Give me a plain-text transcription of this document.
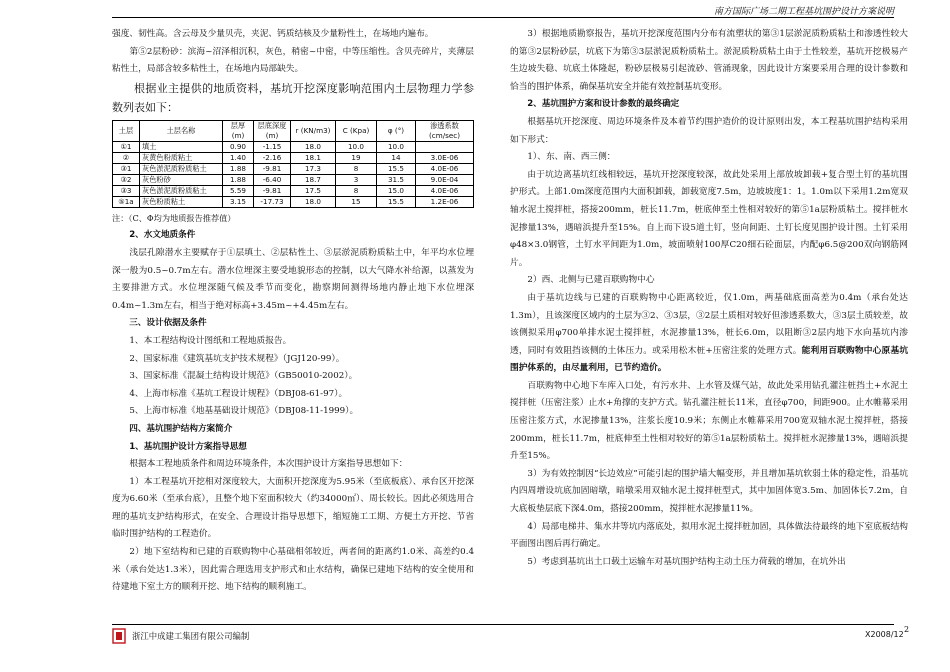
南方国际广场二期工程基坑围护设计方案说明

强度、韧性高。含云母及少量贝壳，夹泥、钙质结核及少量粉性土，在场地内遍布。

第⑤2层粉砂：滨海~沼泽相沉积，灰色，稍密~中密，中等压缩性。含贝壳碎片，夹薄层粘性土，局部含较多粘性土，在场地内局部缺失。

根据业主提供的地质资料，基坑开挖深度影响范围内土层物理力学参数列表如下：

土层	土层名称	层厚 (m)	层底深度 (m)	r (KN/m3)	C (Kpa)	φ (°)	渗透系数 (cm/sec)
①1	填土	0.90	-1.15	18.0	10.0	10.0	
②	灰黄色粉质粘土	1.40	-2.16	18.1	19	14	3.0E-06
③1	灰色淤泥质粉质粘土	1.88	-9.81	17.3	8	15.5	4.0E-06
③2	灰色粉砂	1.88	-6.40	18.7	3	31.5	9.0E-04
③3	灰色淤泥质粉质粘土	5.59	-9.81	17.5	8	15.0	4.0E-06
⑤1a	灰色粉质粘土	3.15	-17.73	18.0	15	15.5	1.2E-06

注：（C、Φ均为地质报告推荐值）

2、水文地质条件

浅层孔隙潜水主要赋存于①层填土、②层粘性土、③层淤泥质粉质粘土中，年平均水位埋深一般为0.5~0.7m左右。潜水位埋深主要受地貌形态的控制，以大气降水补给源，以蒸发为主要排泄方式。水位埋深随气候及季节而变化，勘察期间测得场地内静止地下水位埋深0.4m~1.3m左右，相当于绝对标高+3.45m~+4.45m左右。

三、设计依据及条件

1、本工程结构设计图纸和工程地质报告。

2、国家标准《建筑基坑支护技术规程》（JGJ120-99）。

3、国家标准《混凝土结构设计规范》（GB50010-2002）。

4、上海市标准《基坑工程设计规程》（DBJ08-61-97）。

5、上海市标准《地基基础设计规范》（DBJ08-11-1999）。

四、基坑围护结构方案简介

1、基坑围护设计方案指导思想

根据本工程地质条件和周边环境条件，本次围护设计方案指导思想如下：

1）本工程基坑开挖相对深度较大，大面积开挖深度为5.95米（至底板底）、承台区开挖深度为6.60米（至承台底），且整个地下室面积较大（约34000㎡）、周长较长。因此必须选用合理的基坑支护结构形式，在安全、合理设计指导思想下，缩短施工工期、方便土方开挖、节省临时围护结构的工程造价。

2）地下室结构和已建的百联购物中心基础相邻较近，两者间的距离约1.0米、高差约0.4米（承台处达1.3米），因此需合理选用支护形式和止水结构，确保已建地下结构的安全使用和待建地下室土方的顺利开挖、地下结构的顺利施工。

3）根据地质勘察报告，基坑开挖深度范围内分布有流塑状的第③1层淤泥质粉质粘土和渗透性较大的第③2层粉砂层，坑底下为第③3层淤泥质粉质粘土。淤泥质粉质粘土由于土性较差，基坑开挖极易产生边坡失稳、坑底土体隆起，粉砂层极易引起流砂、管涌现象，因此设计方案要采用合理的设计参数和恰当的围护体系，确保基坑安全并能有效控制基坑变形。

2、基坑围护方案和设计参数的最终确定

根据基坑开挖深度、周边环境条件及本着节约围护造价的设计原则出发，本工程基坑围护结构采用如下形式：

1）、东、南、西三侧：

由于坑边离基坑红线相较远，基坑开挖深度较深，故此处采用上部放坡卸载+复合型土钉的基坑围护形式。上部1.0m深度范围内大面积卸载，卸载宽度7.5m，边坡坡度1：1。1.0m以下采用1.2m宽双轴水泥土搅拌桩，搭接200mm，桩长11.7m，桩底伸至土性相对较好的第⑤1a层粉质粘土。搅拌桩水泥掺量13%，遇暗浜提升至15%。自上而下设5道土钉，竖向间距、土钉长度见围护设计图。土钉采用φ48×3.0钢管，土钉水平间距为1.0m，坡面喷射100厚C20细石砼面层，内配φ6.5@200双向钢筋网片。

2）西、北侧与已建百联购物中心

由于基坑边线与已建的百联购物中心距离较近，仅1.0m，两基础底面高差为0.4m（承台处达1.3m），且该深度区域内的土层为③2、③3层，③2层土质相对较好但渗透系数大，③3层土质较差，故该侧拟采用φ700单排水泥土搅拌桩，水泥掺量13%，桩长6.0m，以阻断③2层内地下水向基坑内渗透，同时有效阻挡该侧的土体压力。或采用松木桩+压密注浆的处理方式。能利用百联购物中心原基坑围护体系的，由尽量利用，已节约造价。

百联购物中心地下车库入口处，有污水井、上水管及煤气站，故此处采用钻孔灌注桩挡土+水泥土搅拌桩（压密注浆）止水+角撑的支护方式。钻孔灌注桩长11米，直径φ700，间距900。止水帷幕采用压密注浆方式，水泥掺量13%，注浆长度10.9米；东侧止水帷幕采用700宽双轴水泥土搅拌桩，搭接200mm，桩长11.7m，桩底伸至土性相对较好的第⑤1a层粉质粘土。搅拌桩水泥掺量13%，遇暗浜提升至15%。

3）为有效控制因“长边效应”可能引起的围护墙大幅变形，并且增加基坑软弱土体的稳定性，沿基坑内四周增设坑底加固暗墩，暗墩采用双轴水泥土搅拌桩型式，其中加固体宽3.5m、加固体长7.2m，自大底板垫层底下深4.0m，搭接200mm，搅拌桩水泥掺量11%。

4）局部电梯井、集水井等坑内落底处，拟用水泥土搅拌桩加固，具体做法待最终的地下室底板结构平面图出图后再行确定。

5）考虑到基坑出土口载土运输车对基坑围护结构主动土压力荷载的增加，在坑外出

浙江中成建工集团有限公司编制	X2008/12
2
